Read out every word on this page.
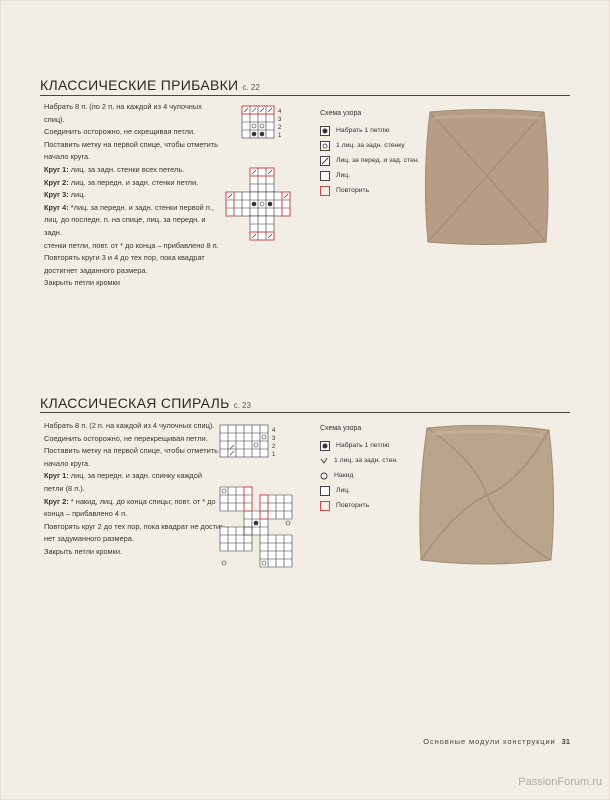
КЛАССИЧЕСКИЕ ПРИБАВКИ с. 22

Набрать 8 п. (по 2 п. на каждой из 4 чулочных спиц).

Соединить осторожно, не скрещивая петли.

Поставить метку на первой спице, чтобы отметить

начало круга.

Круг 1: лиц. за задн. стенки всех петель.

Круг 2: лиц. за передн. и задн. стенки петли.

Круг 3: лиц.

Круг 4: *лиц. за передн. и задн. стенки первой п.,

лиц. до последн. п. на спице, лиц. за передн. и задн.

стенки петли, повт. от * до конца – прибавлено 8 п.

Повторять круги 3 и 4 до тех пор, пока квадрат

достигнет заданного размера.

Закрыть петли кромки

4
3
2
1
Схема узора
Набрать 1 петлю
1 лиц. за задн. стенку
Лиц. за перед. и зад. стен.
Лиц.
Повторить
КЛАССИЧЕСКАЯ СПИРАЛЬ с. 23

Набрать 8 п. (2 п. на каждой из 4 чулочных спиц).

Соединить осторожно, не перекрещивая петли.

Поставить метку на первой спице, чтобы отметить

начало круга.

Круг 1: лиц. за передн. и задн. спинку каждой

петли (8 п.).

Круг 2: * накид, лиц. до конца спицы; повт. от * до

конца – прибавлено 4 п.

Повторять круг 2 до тех пор, пока квадрат не достиг-

нет задуманного размера.

Закрыть петли кромки.

4
3
2
1
Схема узора
Набрать 1 петлю
1 лиц. за задн. стен.
Накид
Лиц.
Повторить
Основные модули конструкции 31
PassionForum.ru
